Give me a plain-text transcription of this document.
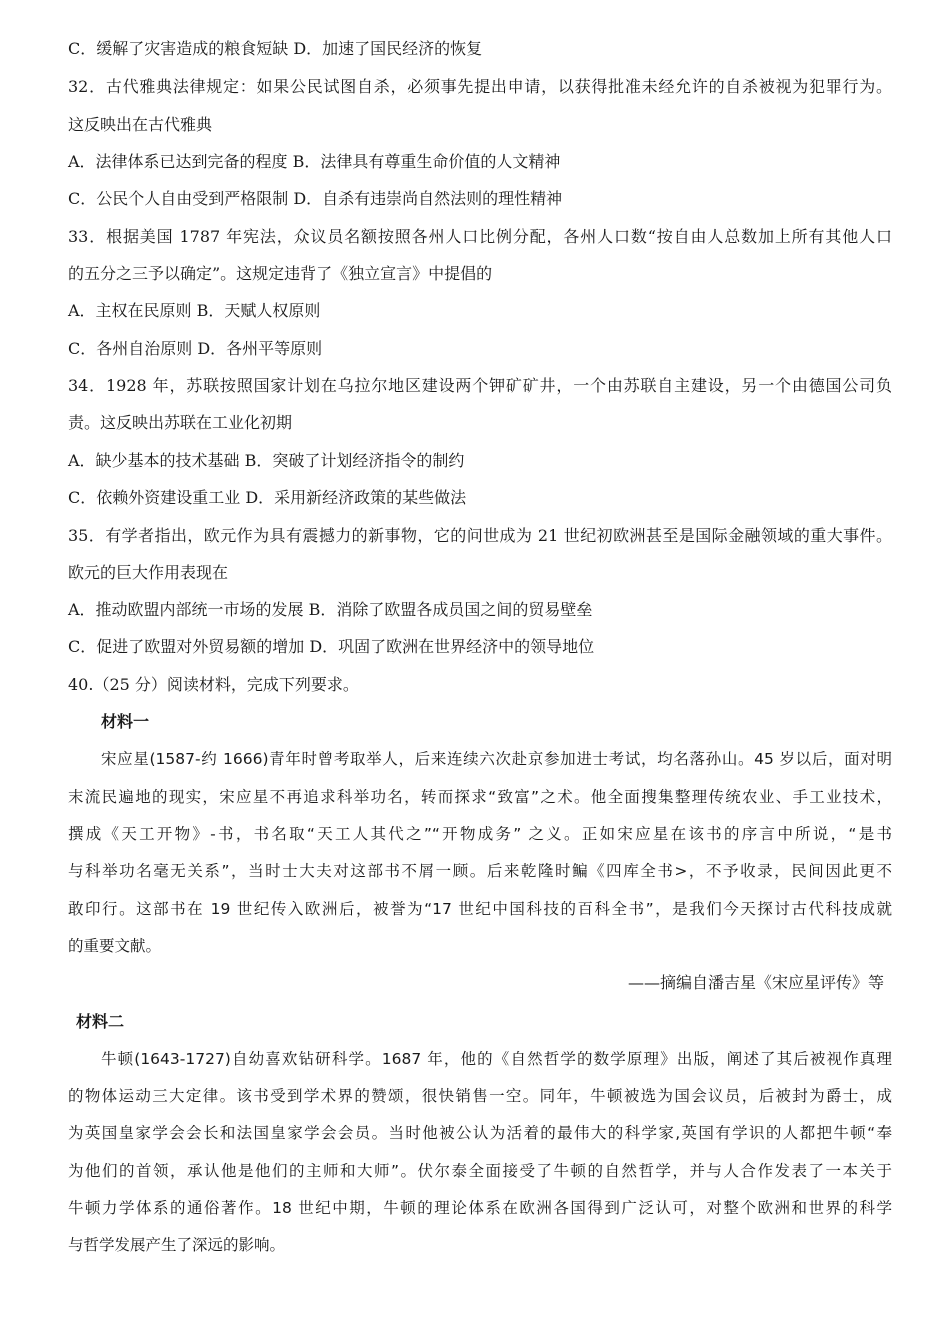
C．缓解了灾害造成的粮食短缺 D．加速了国民经济的恢复
32．古代雅典法律规定：如果公民试图自杀，必须事先提出申请，以获得批准未经允许的自杀被视为犯罪行为。
这反映出在古代雅典
A．法律体系已达到完备的程度 B．法律具有尊重生命价值的人文精神
C．公民个人自由受到严格限制 D．自杀有违崇尚自然法则的理性精神
33．根据美国 1787 年宪法，众议员名额按照各州人口比例分配，各州人口数“按自由人总数加上所有其他人口
的五分之三予以确定”。这规定违背了《独立宣言》中提倡的
A．主权在民原则 B．天赋人权原则
C．各州自治原则 D．各州平等原则
34．1928 年，苏联按照国家计划在乌拉尔地区建设两个钾矿矿井，一个由苏联自主建设，另一个由德国公司负
责。这反映出苏联在工业化初期
A．缺少基本的技术基础 B．突破了计划经济指令的制约
C．依赖外资建设重工业 D．采用新经济政策的某些做法
35．有学者指出，欧元作为具有震撼力的新事物，它的问世成为 21 世纪初欧洲甚至是国际金融领域的重大事件。
欧元的巨大作用表现在
A．推动欧盟内部统一市场的发展 B．消除了欧盟各成员国之间的贸易壁垒
C．促进了欧盟对外贸易额的增加 D．巩固了欧洲在世界经济中的领导地位
40.（25 分）阅读材料，完成下列要求。
材料一
宋应星(1587-约 1666)青年时曾考取举人，后来连续六次赴京参加进士考试，均名落孙山。45 岁以后，面对明
末流民遍地的现实，宋应星不再追求科举功名，转而探求“致富”之术。他全面搜集整理传统农业、手工业技术，
撰成《天工开物》-书，书名取“天工人其代之”“开物成务” 之义。正如宋应星在该书的序言中所说，“是书
与科举功名毫无关系”，当时士大夫对这部书不屑一顾。后来乾隆时鳊《四库全书>，不予收录，民间因此更不
敢印行。这部书在 19 世纪传入欧洲后，被誉为“17 世纪中国科技的百科全书”，是我们今天探讨古代科技成就
的重要文献。
——摘编自潘吉星《宋应星评传》等
材料二
牛顿(1643-1727)自幼喜欢钻研科学。1687 年，他的《自然哲学的数学原理》出版，阐述了其后被视作真理
的物体运动三大定律。该书受到学术界的赞颂，很快销售一空。同年，牛顿被选为国会议员，后被封为爵士，成
为英国皇家学会会长和法国皇家学会会员。当时他被公认为活着的最伟大的科学家,英国有学识的人都把牛顿“奉
为他们的首领，承认他是他们的主师和大师”。伏尔泰全面接受了牛顿的自然哲学，并与人合作发表了一本关于
牛顿力学体系的通俗著作。18 世纪中期，牛顿的理论体系在欧洲各国得到广泛认可，对整个欧洲和世界的科学
与哲学发展产生了深远的影响。
